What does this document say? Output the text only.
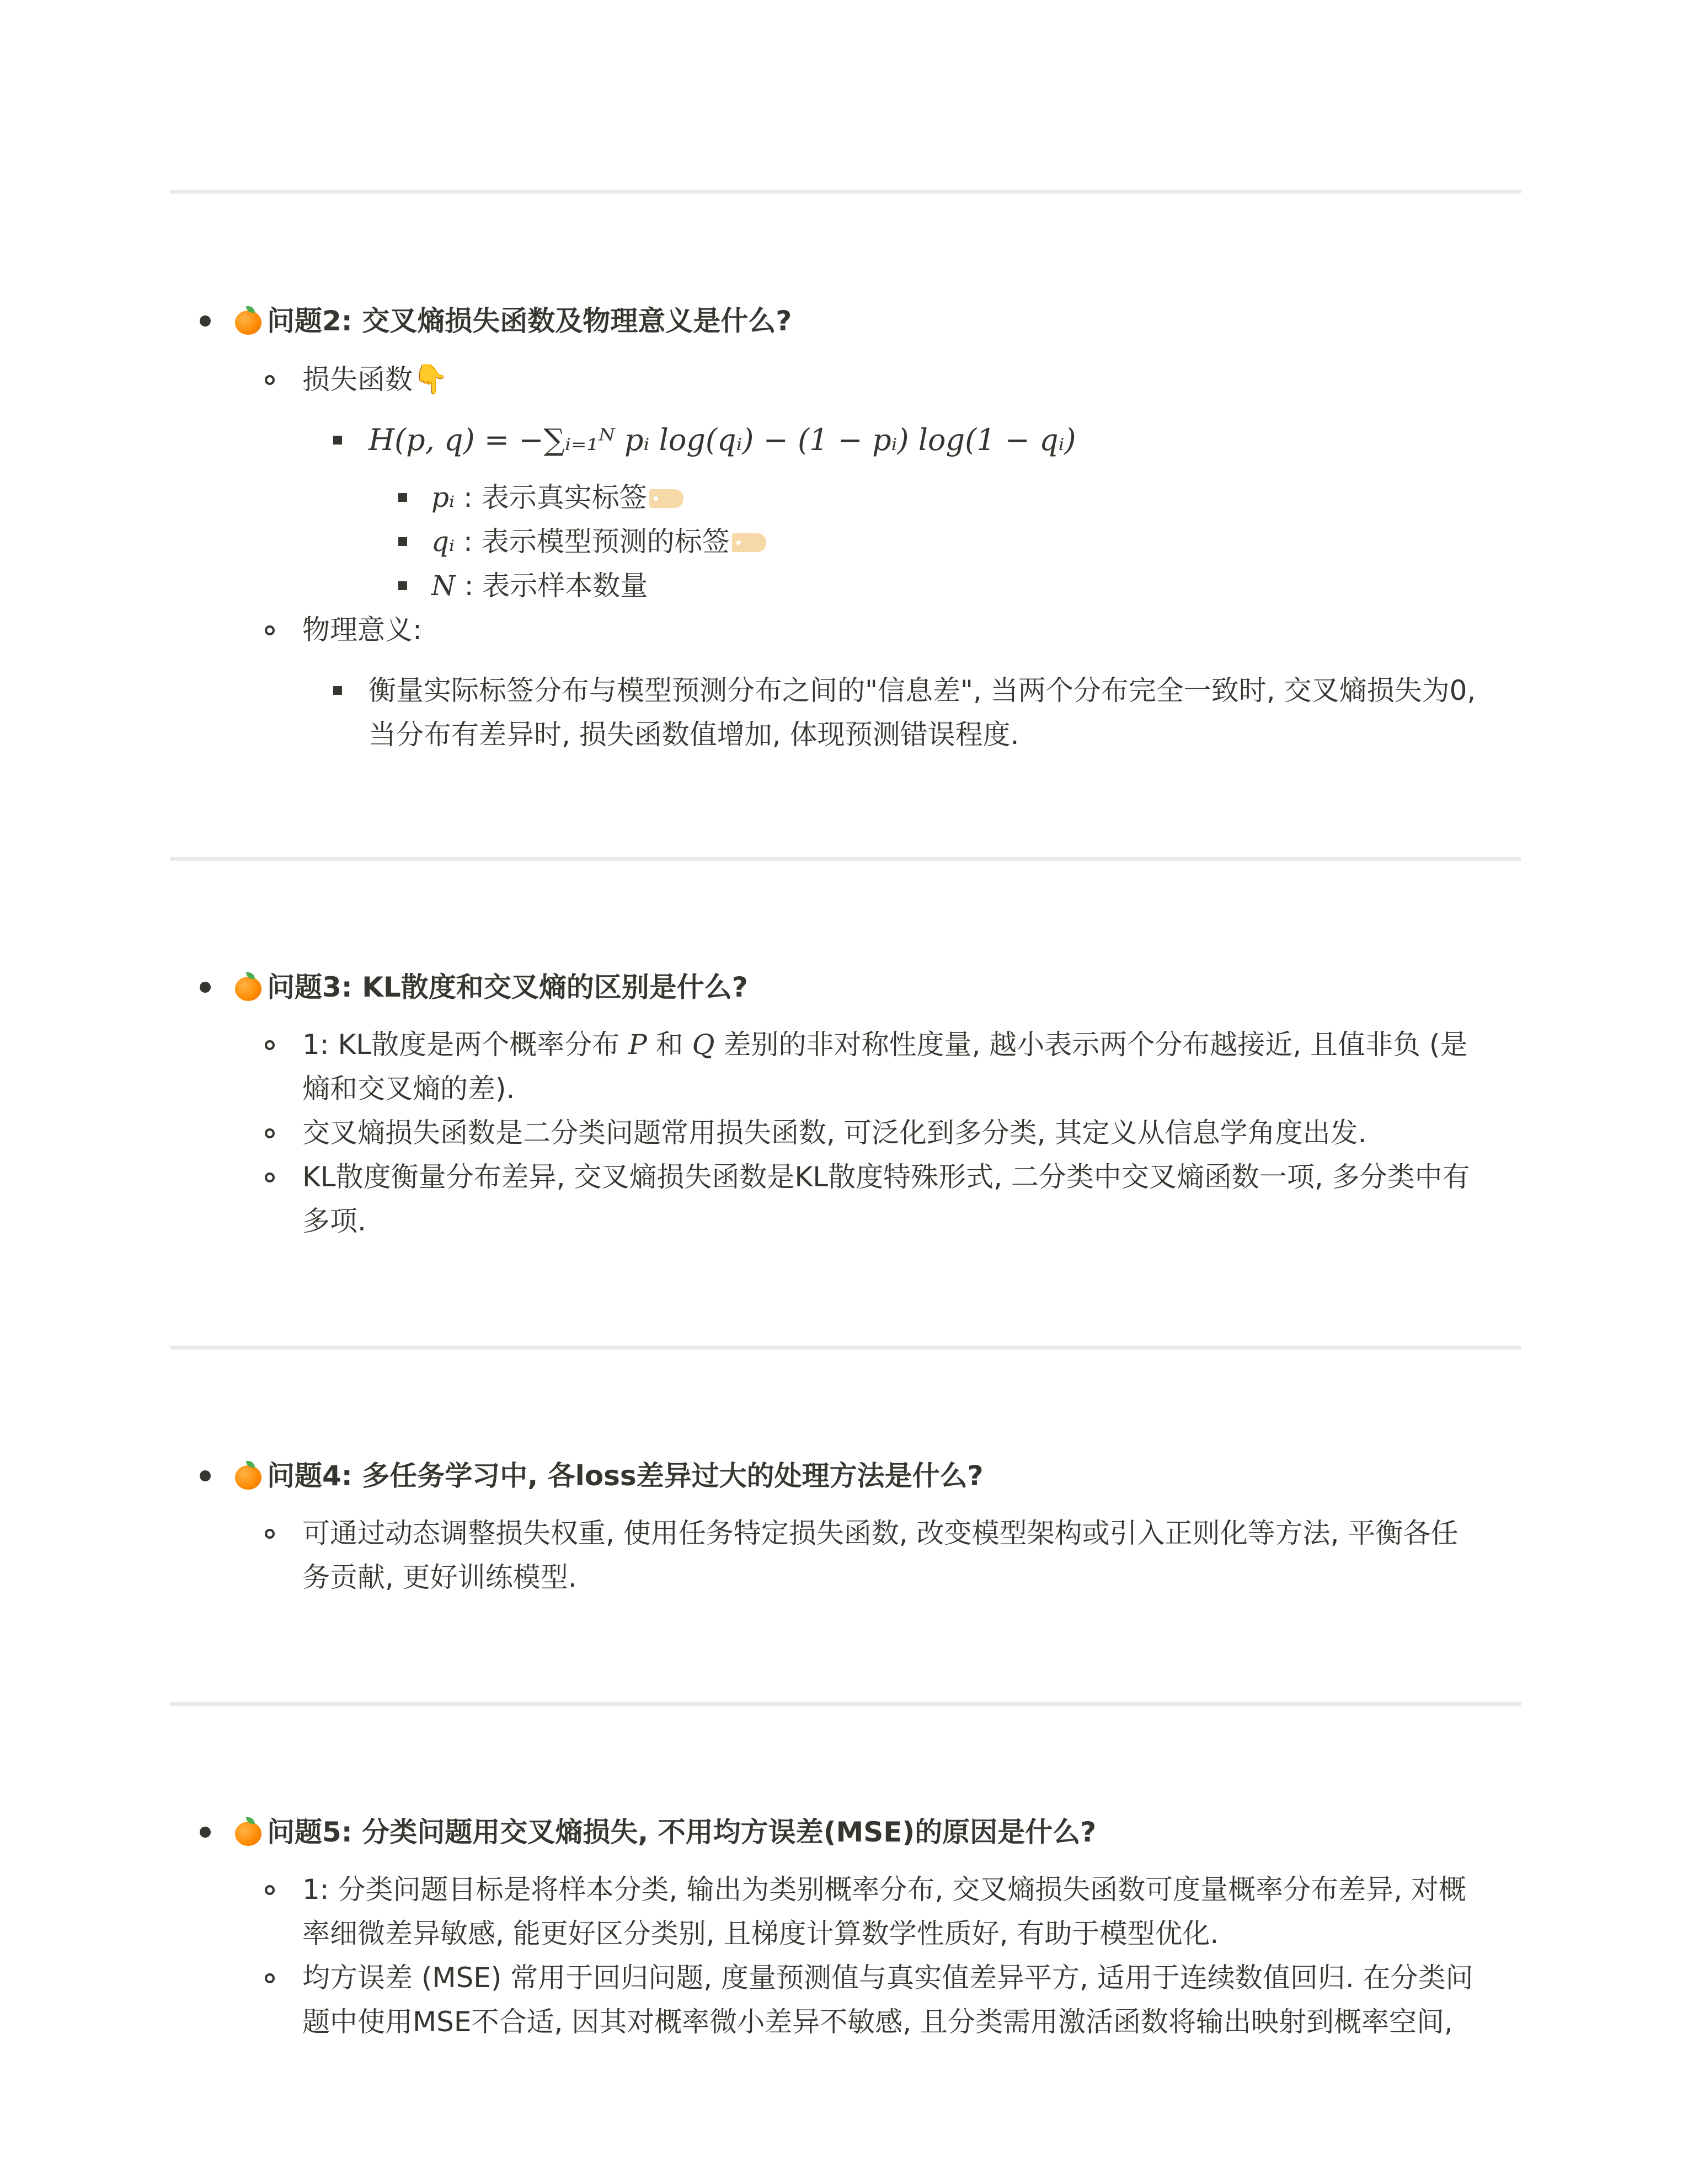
问题2: 交叉熵损失函数及物理意义是什么?
损失函数👇
H(p, q) = −∑ᵢ₌₁ᴺ pᵢ log(qᵢ) − (1 − pᵢ) log(1 − qᵢ)
pᵢ : 表示真实标签
qᵢ : 表示模型预测的标签
N : 表示样本数量
物理意义:
衡量实际标签分布与模型预测分布之间的"信息差", 当两个分布完全一致时, 交叉熵损失为0,
当分布有差异时, 损失函数值增加, 体现预测错误程度.
问题3: KL散度和交叉熵的区别是什么?
1: KL散度是两个概率分布 P 和 Q 差别的非对称性度量, 越小表示两个分布越接近, 且值非负 (是
熵和交叉熵的差).
交叉熵损失函数是二分类问题常用损失函数, 可泛化到多分类, 其定义从信息学角度出发.
KL散度衡量分布差异, 交叉熵损失函数是KL散度特殊形式, 二分类中交叉熵函数一项, 多分类中有
多项.
问题4: 多任务学习中, 各loss差异过大的处理方法是什么?
可通过动态调整损失权重, 使用任务特定损失函数, 改变模型架构或引入正则化等方法, 平衡各任
务贡献, 更好训练模型.
问题5: 分类问题用交叉熵损失, 不用均方误差(MSE)的原因是什么?
1: 分类问题目标是将样本分类, 输出为类别概率分布, 交叉熵损失函数可度量概率分布差异, 对概
率细微差异敏感, 能更好区分类别, 且梯度计算数学性质好, 有助于模型优化.
均方误差 (MSE) 常用于回归问题, 度量预测值与真实值差异平方, 适用于连续数值回归. 在分类问
题中使用MSE不合适, 因其对概率微小差异不敏感, 且分类需用激活函数将输出映射到概率空间,
